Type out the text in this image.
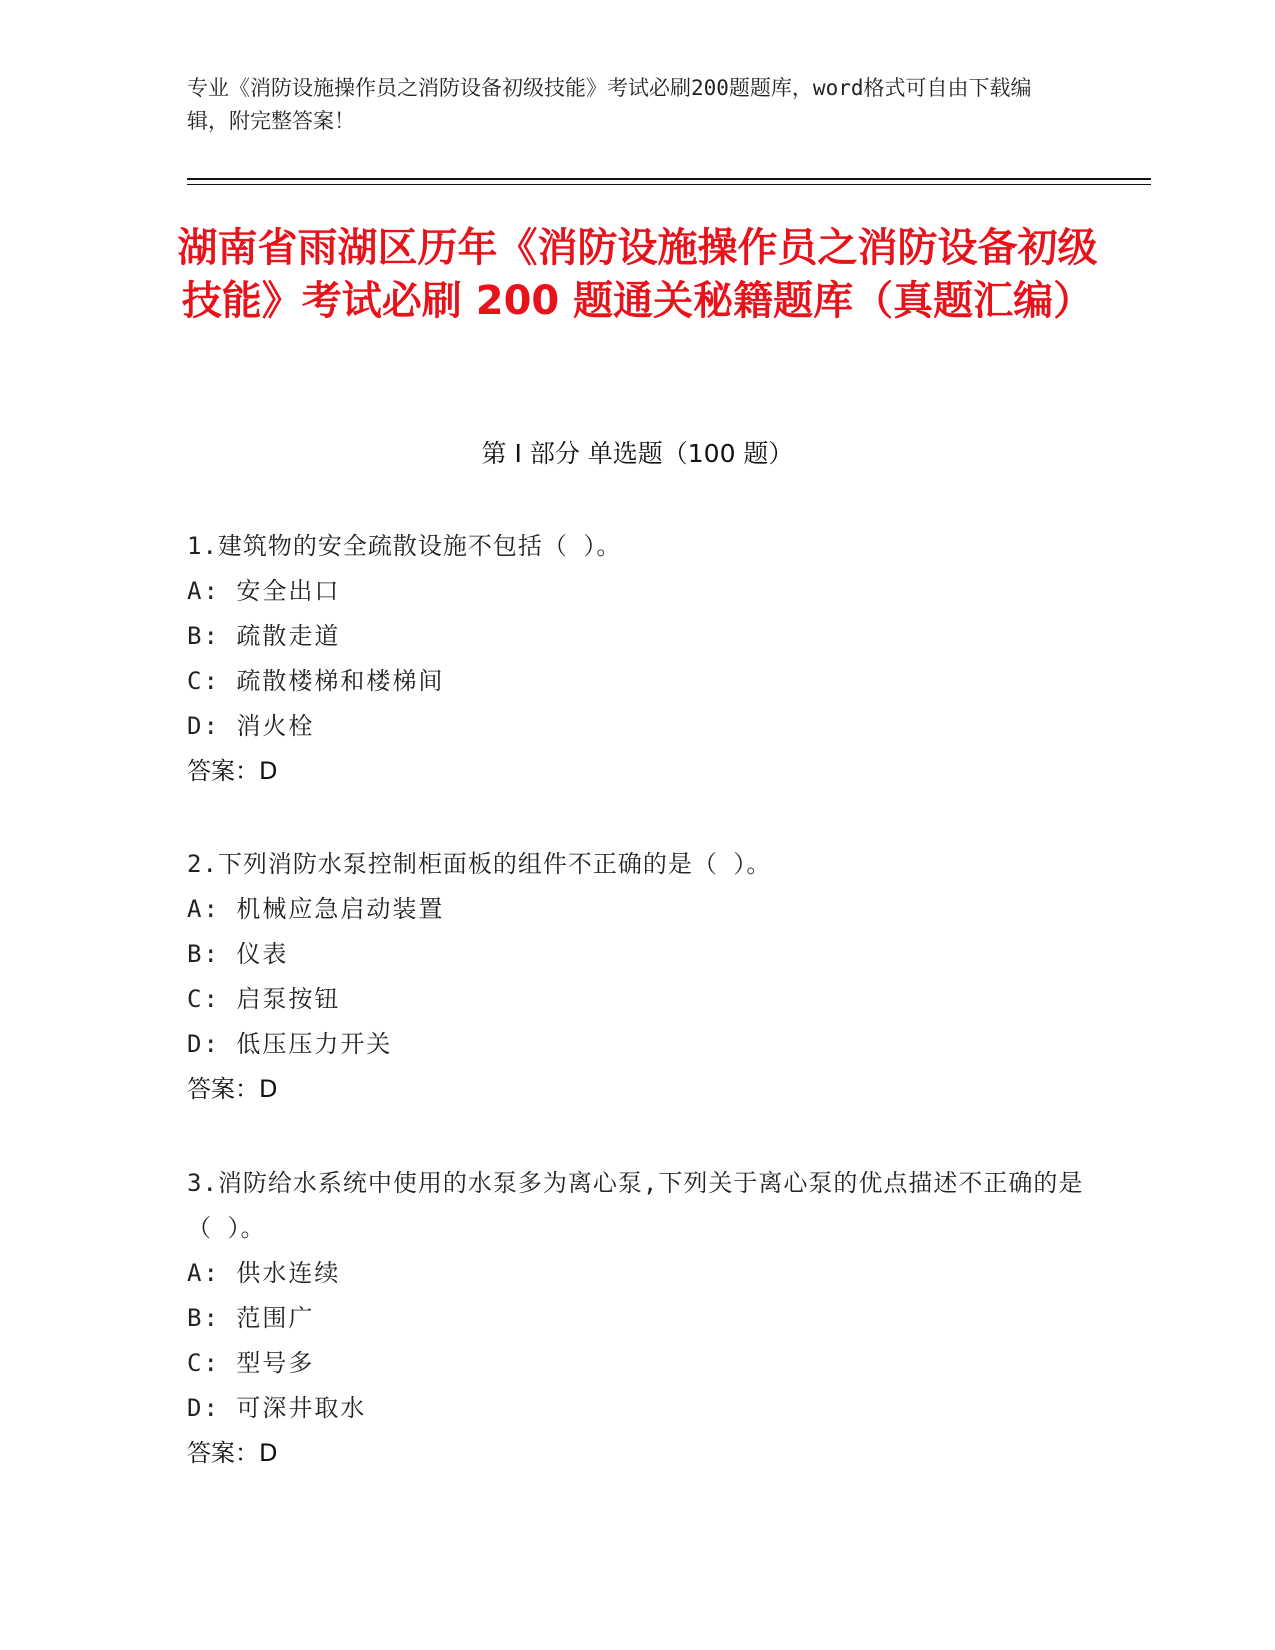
专业《消防设施操作员之消防设备初级技能》考试必刷200题题库，word格式可自由下载编辑，附完整答案！
湖南省雨湖区历年《消防设施操作员之消防设备初级技能》考试必刷 200 题通关秘籍题库（真题汇编）
第 I 部分 单选题（100 题）
1.建筑物的安全疏散设施不包括（ ）。
A: 安全出口
B: 疏散走道
C: 疏散楼梯和楼梯间
D: 消火栓
答案：D
2.下列消防水泵控制柜面板的组件不正确的是（ ）。
A: 机械应急启动装置
B: 仪表
C: 启泵按钮
D: 低压压力开关
答案：D
3.消防给水系统中使用的水泵多为离心泵,下列关于离心泵的优点描述不正确的是（ ）。
A: 供水连续
B: 范围广
C: 型号多
D: 可深井取水
答案：D
